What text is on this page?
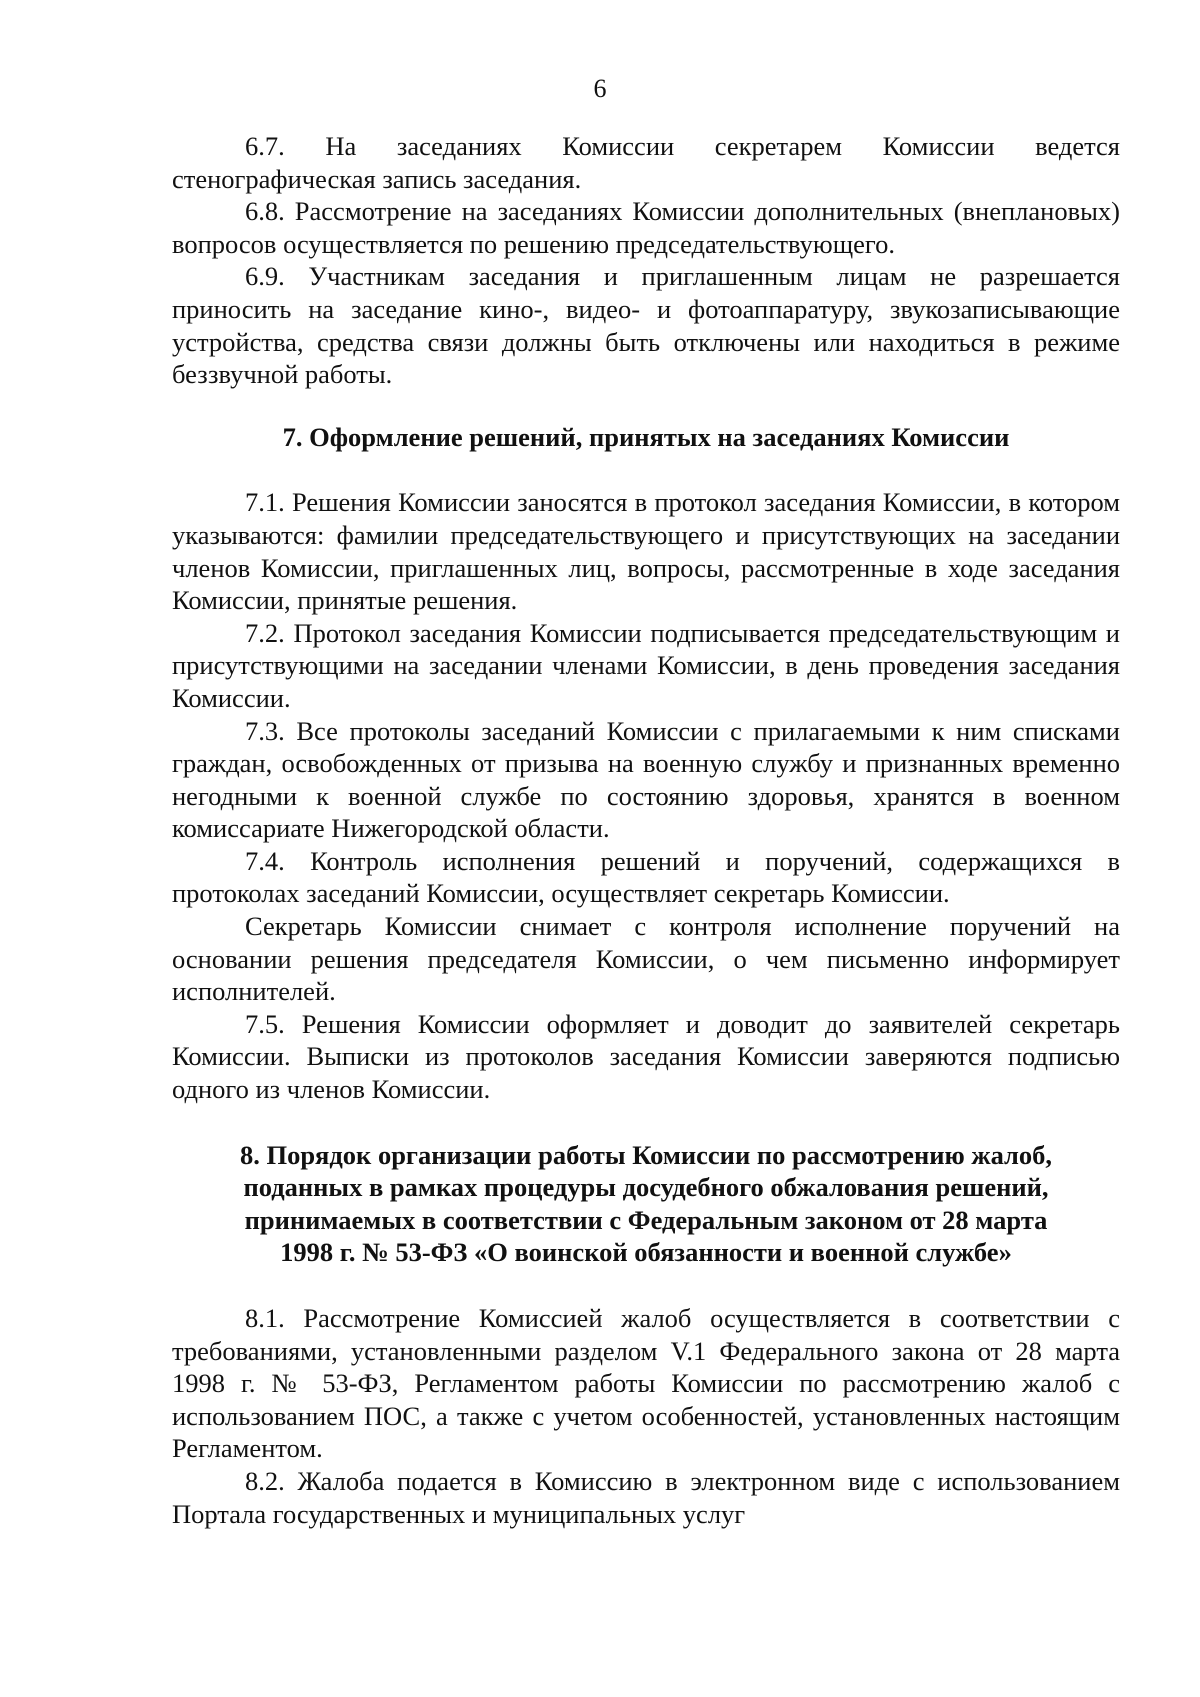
6

6.7. На заседаниях Комиссии секретарем Комиссии ведется стенографическая запись заседания.

6.8. Рассмотрение на заседаниях Комиссии дополнительных (внеплановых) вопросов осуществляется по решению председательствующего.

6.9. Участникам заседания и приглашенным лицам не разрешается приносить на заседание кино-, видео- и фотоаппаратуру, звукозаписывающие устройства, средства связи должны быть отключены или находиться в режиме беззвучной работы.

7. Оформление решений, принятых на заседаниях Комиссии

7.1. Решения Комиссии заносятся в протокол заседания Комиссии, в котором указываются: фамилии председательствующего и присутствующих на заседании членов Комиссии, приглашенных лиц, вопросы, рассмотренные в ходе заседания Комиссии, принятые решения.

7.2. Протокол заседания Комиссии подписывается председательствующим и присутствующими на заседании членами Комиссии, в день проведения заседания Комиссии.

7.3. Все протоколы заседаний Комиссии с прилагаемыми к ним списками граждан, освобожденных от призыва на военную службу и признанных временно негодными к военной службе по состоянию здоровья, хранятся в военном комиссариате Нижегородской области.

7.4. Контроль исполнения решений и поручений, содержащихся в протоколах заседаний Комиссии, осуществляет секретарь Комиссии.

Секретарь Комиссии снимает с контроля исполнение поручений на основании решения председателя Комиссии, о чем письменно информирует исполнителей.

7.5. Решения Комиссии оформляет и доводит до заявителей секретарь Комиссии. Выписки из протоколов заседания Комиссии заверяются подписью одного из членов Комиссии.

8. Порядок организации работы Комиссии по рассмотрению жалоб,
поданных в рамках процедуры досудебного обжалования решений,
принимаемых в соответствии с Федеральным законом от 28 марта
1998 г. № 53-ФЗ «О воинской обязанности и военной службе»

8.1. Рассмотрение Комиссией жалоб осуществляется в соответствии с требованиями, установленными разделом V.1 Федерального закона от 28 марта 1998 г. № 53-ФЗ, Регламентом работы Комиссии по рассмотрению жалоб с использованием ПОС, а также с учетом особенностей, установленных настоящим Регламентом.

8.2. Жалоба подается в Комиссию в электронном виде с использованием Портала государственных и муниципальных услуг
